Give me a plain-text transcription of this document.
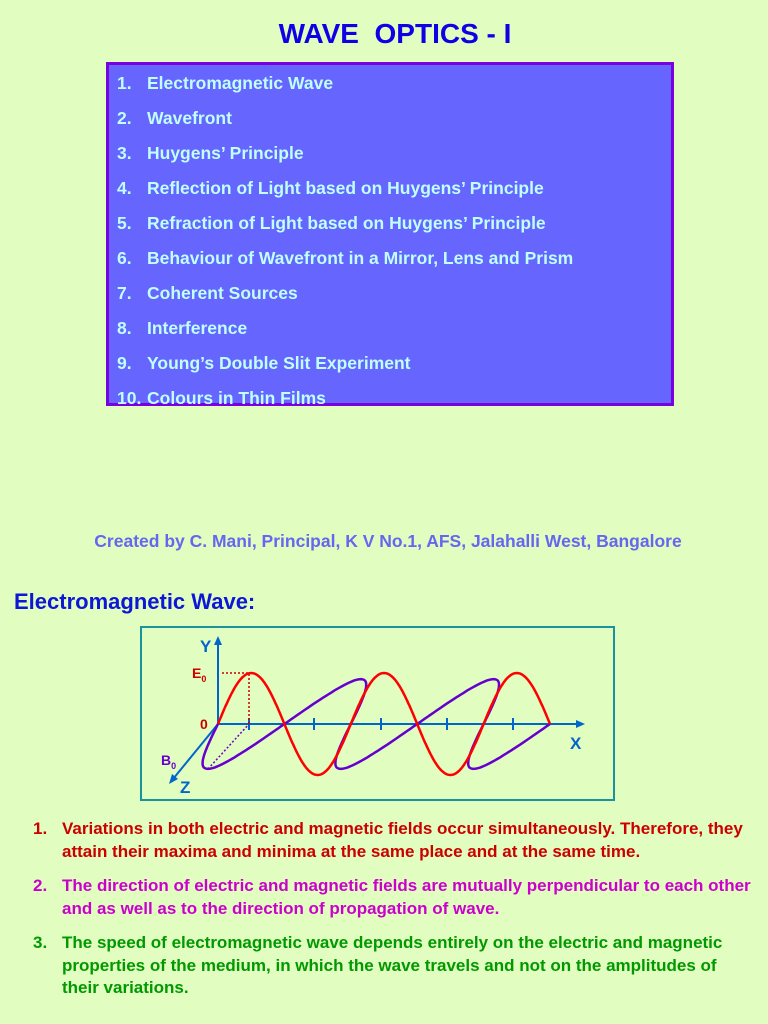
WAVE  OPTICS - I
1. Electromagnetic Wave
2. Wavefront
3. Huygens’ Principle
4. Reflection of Light based on Huygens’ Principle
5. Refraction of Light based on Huygens’ Principle
6. Behaviour of Wavefront in a Mirror, Lens and Prism
7. Coherent Sources
8. Interference
9. Young’s Double Slit Experiment
10. Colours in Thin Films
Created by C. Mani, Principal, K V No.1, AFS, Jalahalli West, Bangalore
Electromagnetic Wave:
Y
X
Z
0
$E_0$
$B_0$
1. Variations in both electric and magnetic fields occur simultaneously. Therefore, they attain their maxima and minima at the same place and at the same time.
2. The direction of electric and magnetic fields are mutually perpendicular to each other and as well as to the direction of propagation of wave.
3. The speed of electromagnetic wave depends entirely on the electric and magnetic properties of the medium, in which the wave travels and not on the amplitudes of their variations.
